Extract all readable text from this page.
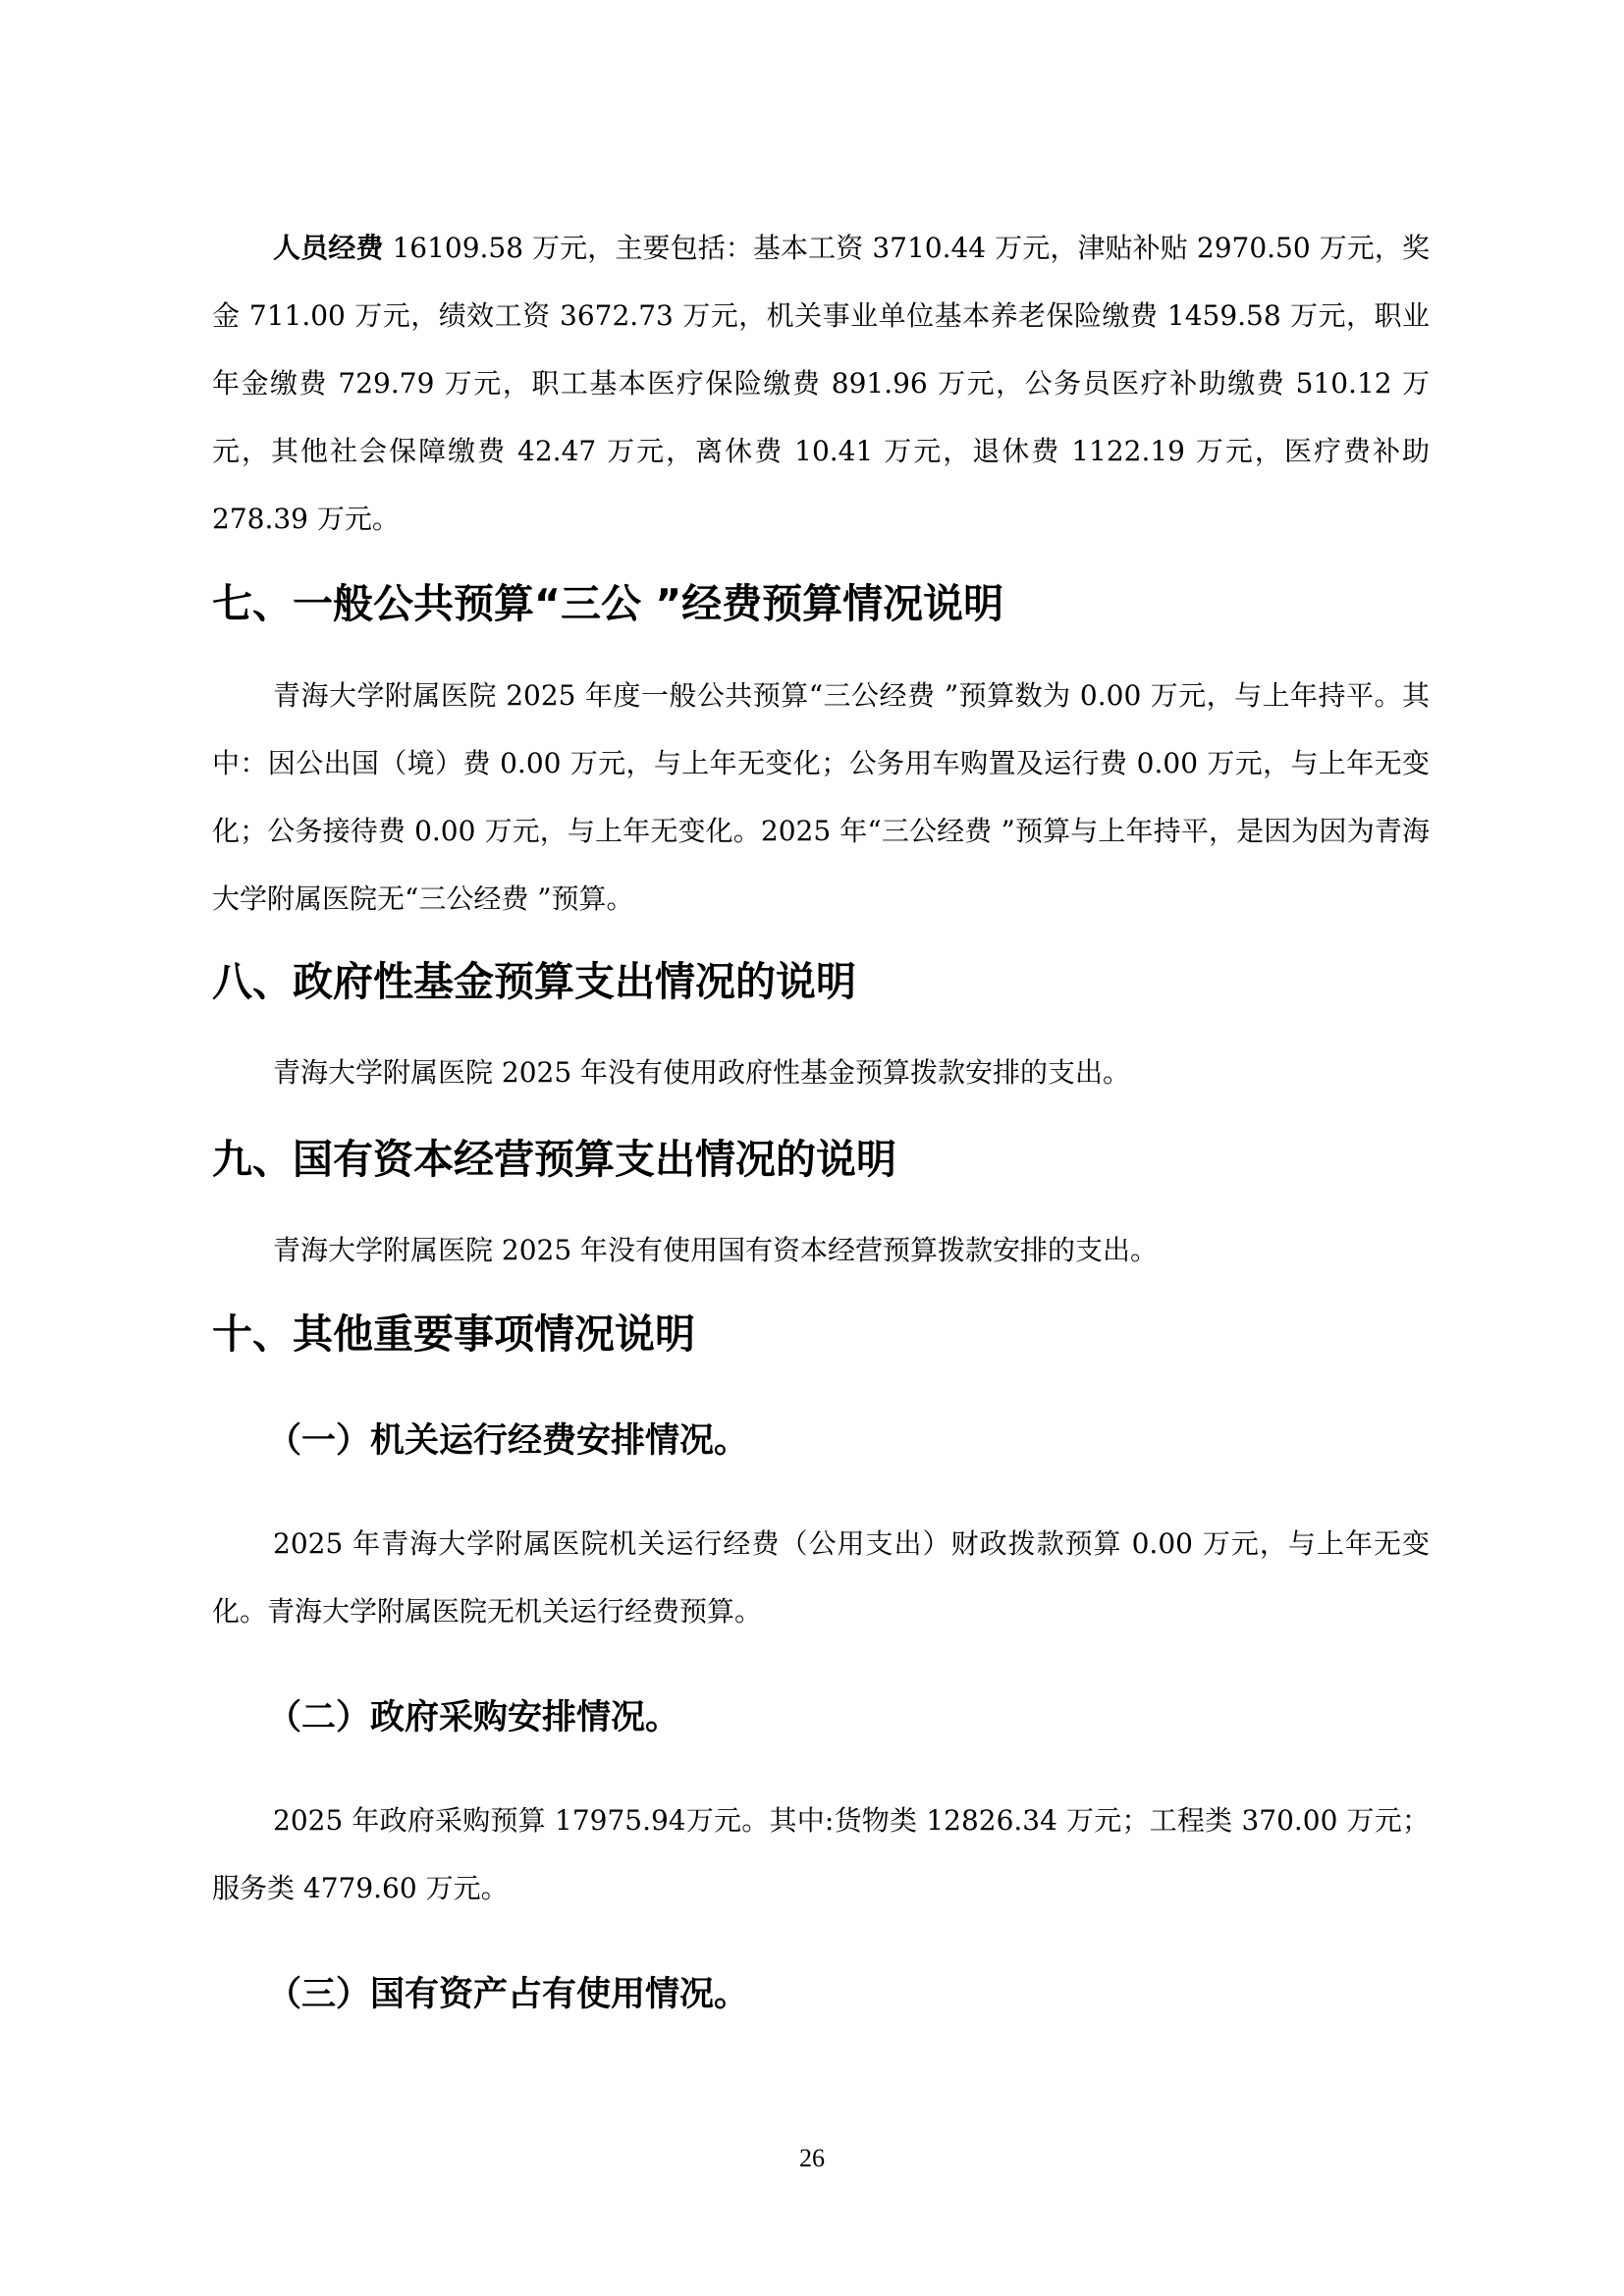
人员经费 16109.58 万元，主要包括：基本工资 3710.44 万元，津贴补贴 2970.50 万元，奖金 711.00 万元，绩效工资 3672.73 万元，机关事业单位基本养老保险缴费 1459.58 万元，职业年金缴费 729.79 万元，职工基本医疗保险缴费 891.96 万元，公务员医疗补助缴费 510.12 万元，其他社会保障缴费 42.47 万元，离休费 10.41 万元，退休费 1122.19 万元，医疗费补助 278.39 万元。

七、一般公共预算“三公 ”经费预算情况说明

青海大学附属医院 2025 年度一般公共预算“三公经费 ”预算数为 0.00 万元，与上年持平。其中：因公出国（境）费 0.00 万元，与上年无变化；公务用车购置及运行费 0.00 万元，与上年无变化；公务接待费 0.00 万元，与上年无变化。2025 年“三公经费 ”预算与上年持平，是因为因为青海大学附属医院无“三公经费 ”预算。

八、政府性基金预算支出情况的说明

青海大学附属医院 2025 年没有使用政府性基金预算拨款安排的支出。

九、国有资本经营预算支出情况的说明

青海大学附属医院 2025 年没有使用国有资本经营预算拨款安排的支出。

十、其他重要事项情况说明
（一）机关运行经费安排情况。

2025 年青海大学附属医院机关运行经费（公用支出）财政拨款预算 0.00 万元，与上年无变化。青海大学附属医院无机关运行经费预算。

（二）政府采购安排情况。

2025 年政府采购预算 17975.94万元。其中:货物类 12826.34 万元；工程类 370.00 万元；服务类 4779.60 万元。

（三）国有资产占有使用情况。
26
